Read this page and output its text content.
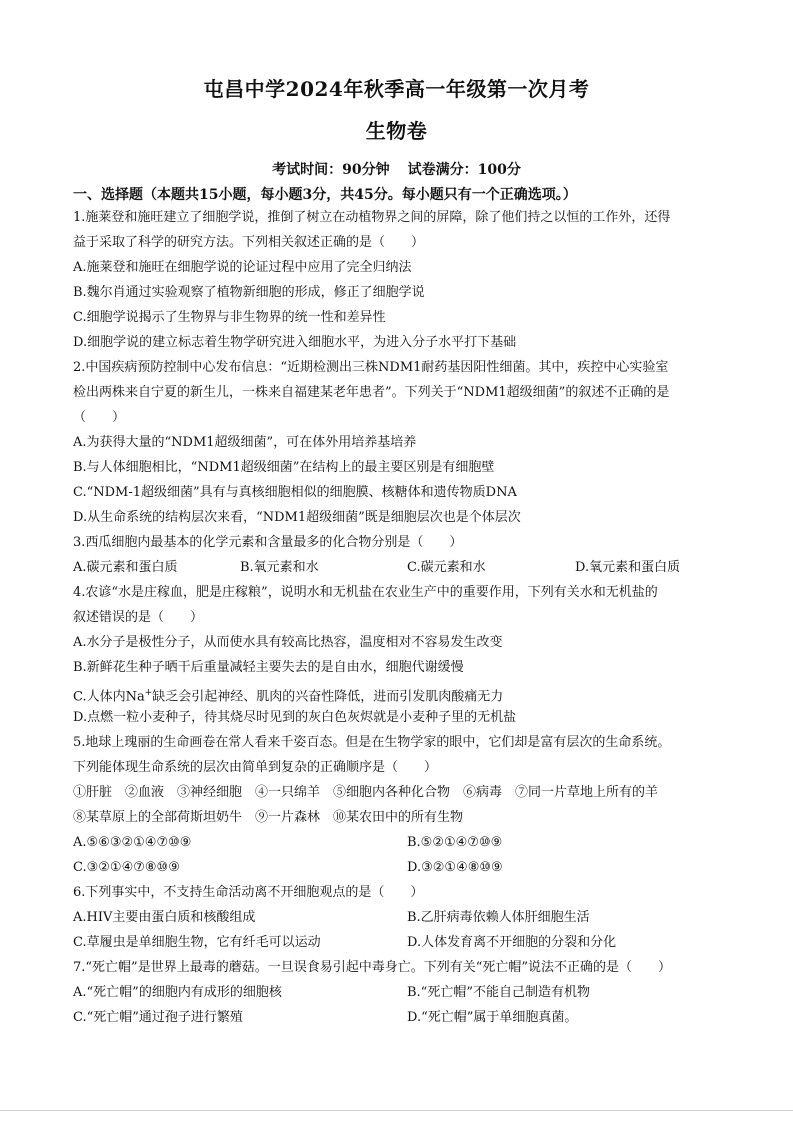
屯昌中学2024年秋季高一年级第一次月考
生物卷
考试时间：90分钟 试卷满分：100分
一、选择题（本题共15小题，每小题3分，共45分。每小题只有一个正确选项。）
1.施莱登和施旺建立了细胞学说，推倒了树立在动植物界之间的屏障，除了他们持之以恒的工作外，还得
益于采取了科学的研究方法。下列相关叙述正确的是（　　）
A.施莱登和施旺在细胞学说的论证过程中应用了完全归纳法
B.魏尔肖通过实验观察了植物新细胞的形成，修正了细胞学说
C.细胞学说揭示了生物界与非生物界的统一性和差异性
D.细胞学说的建立标志着生物学研究进入细胞水平，为进入分子水平打下基础
2.中国疾病预防控制中心发布信息：“近期检测出三株NDM1耐药基因阳性细菌。其中，疾控中心实验室
检出两株来自宁夏的新生儿，一株来自福建某老年患者”。下列关于“NDM1超级细菌”的叙述不正确的是
（　　）
A.为获得大量的“NDM1超级细菌”，可在体外用培养基培养
B.与人体细胞相比，“NDM1超级细菌”在结构上的最主要区别是有细胞壁
C.“NDM-1超级细菌”具有与真核细胞相似的细胞膜、核糖体和遗传物质DNA
D.从生命系统的结构层次来看，“NDM1超级细菌”既是细胞层次也是个体层次
3.西瓜细胞内最基本的化学元素和含量最多的化合物分别是（　　）
A.碳元素和蛋白质	B.氧元素和水	C.碳元素和水	D.氧元素和蛋白质
4.农谚“水是庄稼血，肥是庄稼粮”，说明水和无机盐在农业生产中的重要作用，下列有关水和无机盐的
叙述错误的是（　　）
A.水分子是极性分子，从而使水具有较高比热容，温度相对不容易发生改变
B.新鲜花生种子晒干后重量减轻主要失去的是自由水，细胞代谢缓慢
C.人体内Na+缺乏会引起神经、肌肉的兴奋性降低，进而引发肌肉酸痛无力
D.点燃一粒小麦种子，待其烧尽时见到的灰白色灰烬就是小麦种子里的无机盐
5.地球上瑰丽的生命画卷在常人看来千姿百态。但是在生物学家的眼中，它们却是富有层次的生命系统。
下列能体现生命系统的层次由简单到复杂的正确顺序是（　　）
①肝脏　②血液　③神经细胞　④一只绵羊　⑤细胞内各种化合物　⑥病毒　⑦同一片草地上所有的羊
⑧某草原上的全部荷斯坦奶牛　⑨一片森林　⑩某农田中的所有生物
A.⑤⑥③②①④⑦⑩⑨	B.⑤②①④⑦⑩⑨
C.③②①④⑦⑧⑩⑨	D.③②①④⑧⑩⑨
6.下列事实中，不支持生命活动离不开细胞观点的是（　　）
A.HIV主要由蛋白质和核酸组成	B.乙肝病毒依赖人体肝细胞生活
C.草履虫是单细胞生物，它有纤毛可以运动	D.人体发育离不开细胞的分裂和分化
7.“死亡帽”是世界上最毒的蘑菇。一旦误食易引起中毒身亡。下列有关“死亡帽”说法不正确的是（　　）
A.“死亡帽”的细胞内有成形的细胞核	B.“死亡帽”不能自己制造有机物
C.“死亡帽”通过孢子进行繁殖	D.“死亡帽”属于单细胞真菌。
